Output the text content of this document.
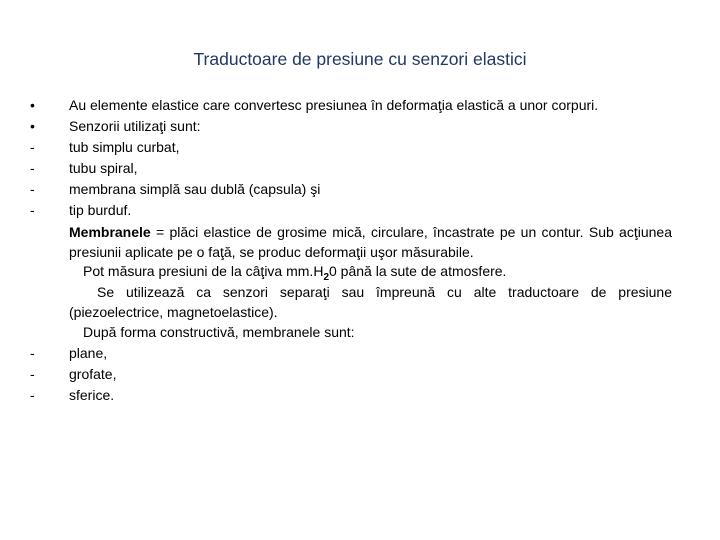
Traductoare de presiune cu senzori elastici
•	Au elemente elastice care convertesc presiunea în deformaţia elastică a unor corpuri.
•	Senzorii utilizaţi sunt:
-	tub simplu curbat,
-	tubu spiral,
-	membrana simplă sau dublă (capsula) şi
-	tip burduf.
Membranele = plăci elastice de grosime mică, circulare, încastrate pe un contur. Sub acţiunea presiunii aplicate pe o faţă, se produc deformaţii uşor măsurabile.
Pot măsura presiuni de la câţiva $mm.H_20$ până la sute de atmosfere.
Se utilizează ca senzori separaţi sau împreună cu alte traductoare de presiune (piezoelectrice, magnetoelastice).
După forma constructivă, membranele sunt:
-	plane,
-	grofate,
-	sferice.
